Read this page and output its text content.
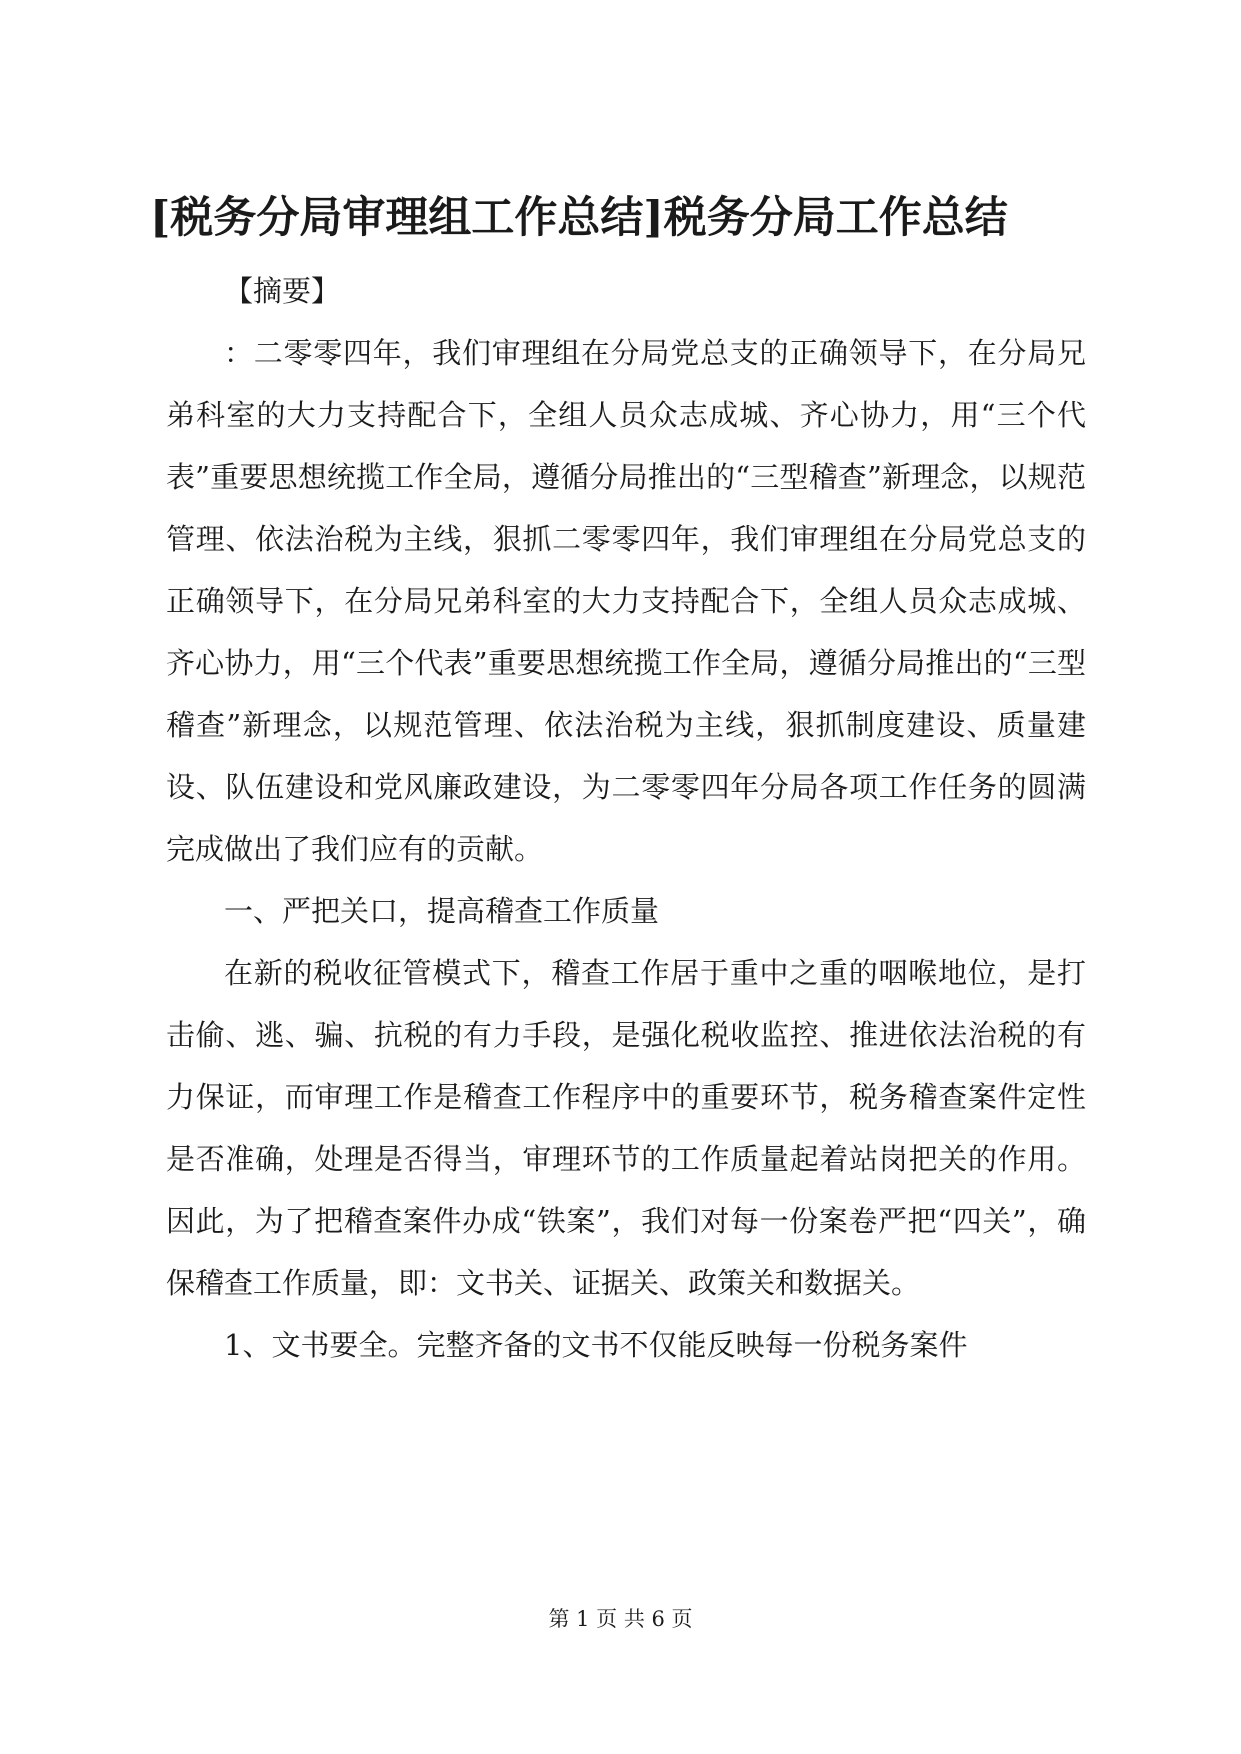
[税务分局审理组工作总结]税务分局工作总结

【摘要】

：二零零四年，我们审理组在分局党总支的正确领导下，在分局兄弟科室的大力支持配合下，全组人员众志成城、齐心协力，用“三个代表”重要思想统揽工作全局，遵循分局推出的“三型稽查”新理念，以规范管理、依法治税为主线，狠抓二零零四年，我们审理组在分局党总支的正确领导下，在分局兄弟科室的大力支持配合下，全组人员众志成城、齐心协力，用“三个代表”重要思想统揽工作全局，遵循分局推出的“三型稽查”新理念，以规范管理、依法治税为主线，狠抓制度建设、质量建设、队伍建设和党风廉政建设，为二零零四年分局各项工作任务的圆满完成做出了我们应有的贡献。

一、严把关口，提高稽查工作质量

在新的税收征管模式下，稽查工作居于重中之重的咽喉地位，是打击偷、逃、骗、抗税的有力手段，是强化税收监控、推进依法治税的有力保证，而审理工作是稽查工作程序中的重要环节，税务稽查案件定性是否准确，处理是否得当，审理环节的工作质量起着站岗把关的作用。因此，为了把稽查案件办成“铁案”，我们对每一份案卷严把“四关”，确保稽查工作质量，即：文书关、证据关、政策关和数据关。

1、文书要全。完整齐备的文书不仅能反映每一份税务案件

第 1 页 共 6 页
